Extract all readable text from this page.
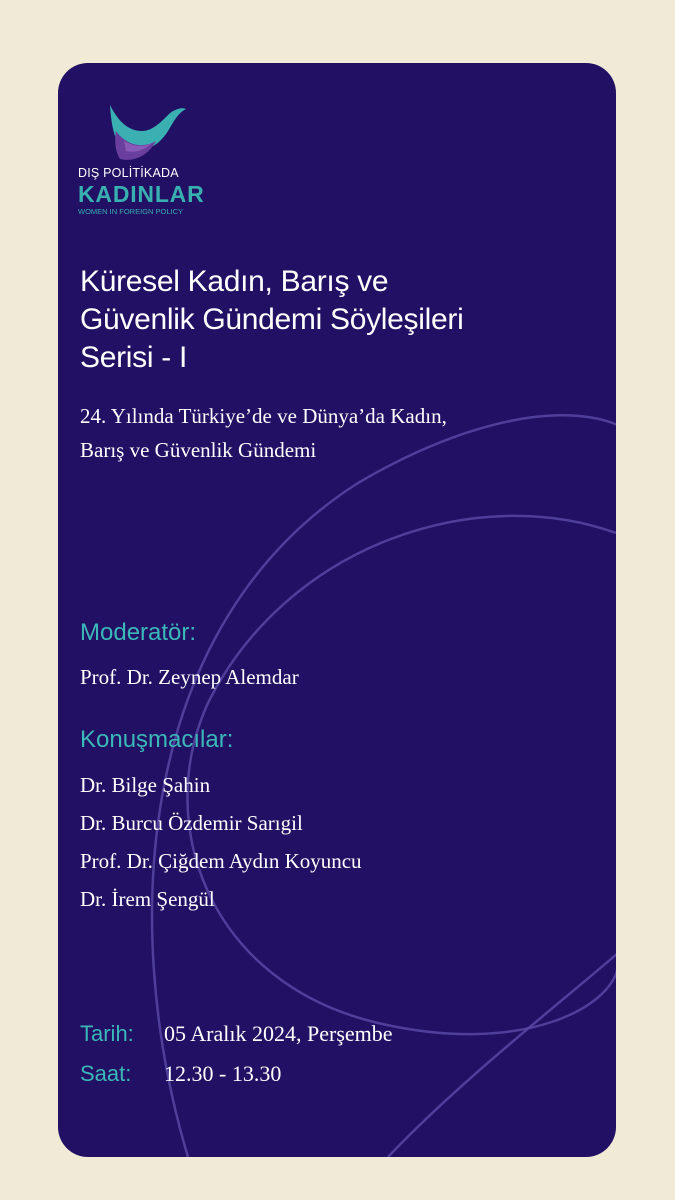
DIŞ POLİTİKADA
KADINLAR
WOMEN IN FOREIGN POLICY
Küresel Kadın, Barış ve
Güvenlik Gündemi Söyleşileri
Serisi - I
24. Yılında Türkiye’de ve Dünya’da Kadın,
Barış ve Güvenlik Gündemi
Moderatör:
Prof. Dr. Zeynep Alemdar
Konuşmacılar:
Dr. Bilge Şahin
Dr. Burcu Özdemir Sarıgil
Prof. Dr. Çiğdem Aydın Koyuncu
Dr. İrem Şengül
Tarih: 05 Aralık 2024, Perşembe
Saat: 12.30 - 13.30
